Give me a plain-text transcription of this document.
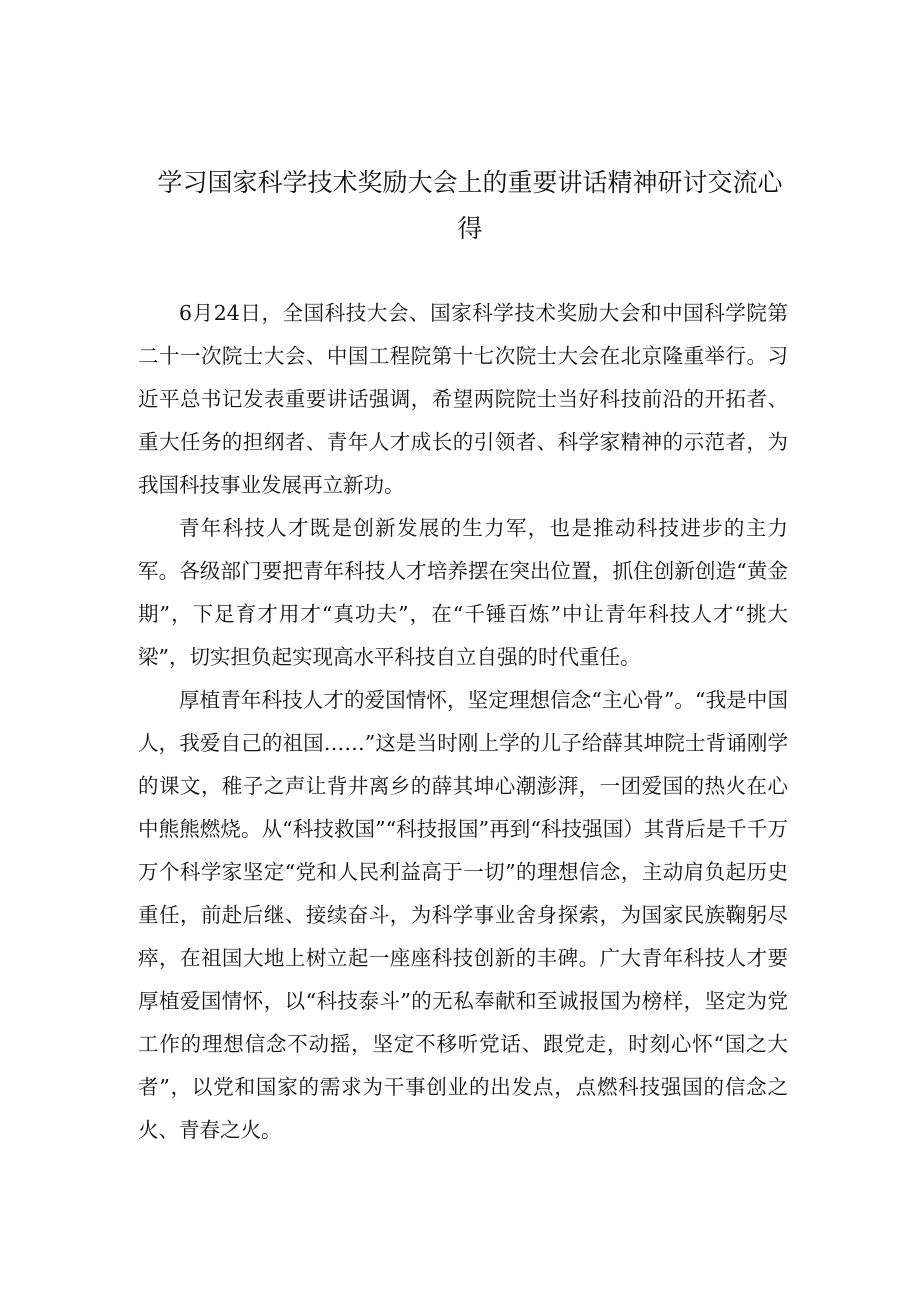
学习国家科学技术奖励大会上的重要讲话精神研讨交流心得

6月24日，全国科技大会、国家科学技术奖励大会和中国科学院第二十一次院士大会、中国工程院第十七次院士大会在北京隆重举行。习近平总书记发表重要讲话强调，希望两院院士当好科技前沿的开拓者、重大任务的担纲者、青年人才成长的引领者、科学家精神的示范者，为我国科技事业发展再立新功。

青年科技人才既是创新发展的生力军，也是推动科技进步的主力军。各级部门要把青年科技人才培养摆在突出位置，抓住创新创造“黄金期”，下足育才用才“真功夫”，在“千锤百炼”中让青年科技人才“挑大梁”，切实担负起实现高水平科技自立自强的时代重任。

厚植青年科技人才的爱国情怀，坚定理想信念“主心骨”。“我是中国人，我爱自己的祖国……”这是当时刚上学的儿子给薛其坤院士背诵刚学的课文，稚子之声让背井离乡的薛其坤心潮澎湃，一团爱国的热火在心中熊熊燃烧。从“科技救国”“科技报国”再到“科技强国）其背后是千千万万个科学家坚定“党和人民利益高于一切”的理想信念，主动肩负起历史重任，前赴后继、接续奋斗，为科学事业舍身探索，为国家民族鞠躬尽瘁，在祖国大地上树立起一座座科技创新的丰碑。广大青年科技人才要厚植爱国情怀，以“科技泰斗”的无私奉献和至诚报国为榜样，坚定为党工作的理想信念不动摇，坚定不移听党话、跟党走，时刻心怀“国之大者”，以党和国家的需求为干事创业的出发点，点燃科技强国的信念之火、青春之火。
